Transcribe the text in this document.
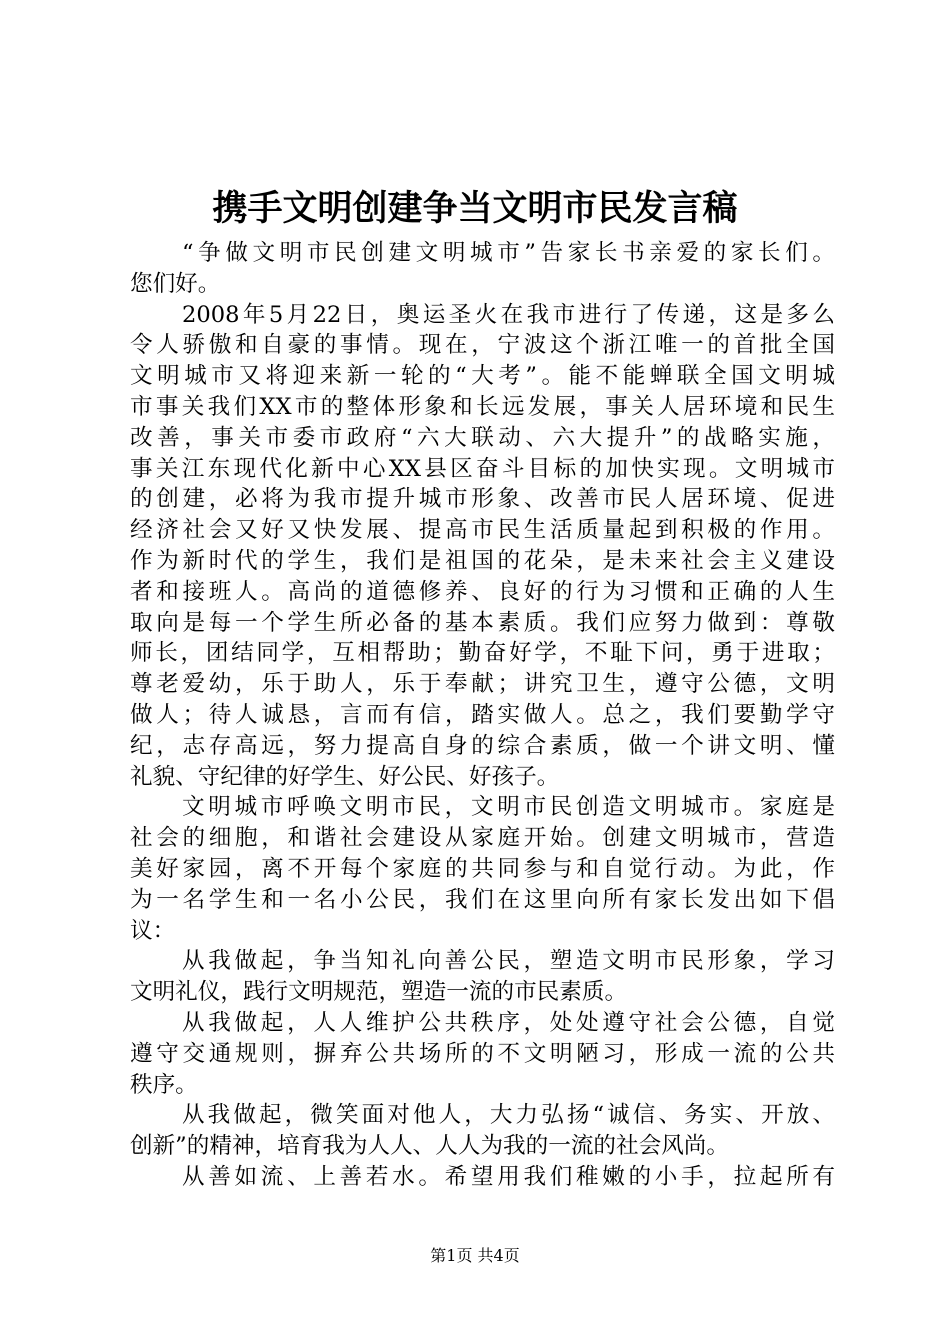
携手文明创建争当文明市民发言稿
“争做文明市民创建文明城市”告家长书亲爱的家长们。
您们好。
2008年5月22日，奥运圣火在我市进行了传递，这是多么
令人骄傲和自豪的事情。现在，宁波这个浙江唯一的首批全国
文明城市又将迎来新一轮的“大考”。能不能蝉联全国文明城
市事关我们XX市的整体形象和长远发展，事关人居环境和民生
改善，事关市委市政府“六大联动、六大提升”的战略实施，
事关江东现代化新中心XX县区奋斗目标的加快实现。文明城市
的创建，必将为我市提升城市形象、改善市民人居环境、促进
经济社会又好又快发展、提高市民生活质量起到积极的作用。
作为新时代的学生，我们是祖国的花朵，是未来社会主义建设
者和接班人。高尚的道德修养、良好的行为习惯和正确的人生
取向是每一个学生所必备的基本素质。我们应努力做到：尊敬
师长，团结同学，互相帮助；勤奋好学，不耻下问，勇于进取；
尊老爱幼，乐于助人，乐于奉献；讲究卫生，遵守公德，文明
做人；待人诚恳，言而有信，踏实做人。总之，我们要勤学守
纪，志存高远，努力提高自身的综合素质，做一个讲文明、懂
礼貌、守纪律的好学生、好公民、好孩子。
文明城市呼唤文明市民，文明市民创造文明城市。家庭是
社会的细胞，和谐社会建设从家庭开始。创建文明城市，营造
美好家园，离不开每个家庭的共同参与和自觉行动。为此，作
为一名学生和一名小公民，我们在这里向所有家长发出如下倡
议：
从我做起，争当知礼向善公民，塑造文明市民形象，学习
文明礼仪，践行文明规范，塑造一流的市民素质。
从我做起，人人维护公共秩序，处处遵守社会公德，自觉
遵守交通规则，摒弃公共场所的不文明陋习，形成一流的公共
秩序。
从我做起，微笑面对他人，大力弘扬“诚信、务实、开放、
创新”的精神，培育我为人人、人人为我的一流的社会风尚。
从善如流、上善若水。希望用我们稚嫩的小手，拉起所有
第1页 共4页
